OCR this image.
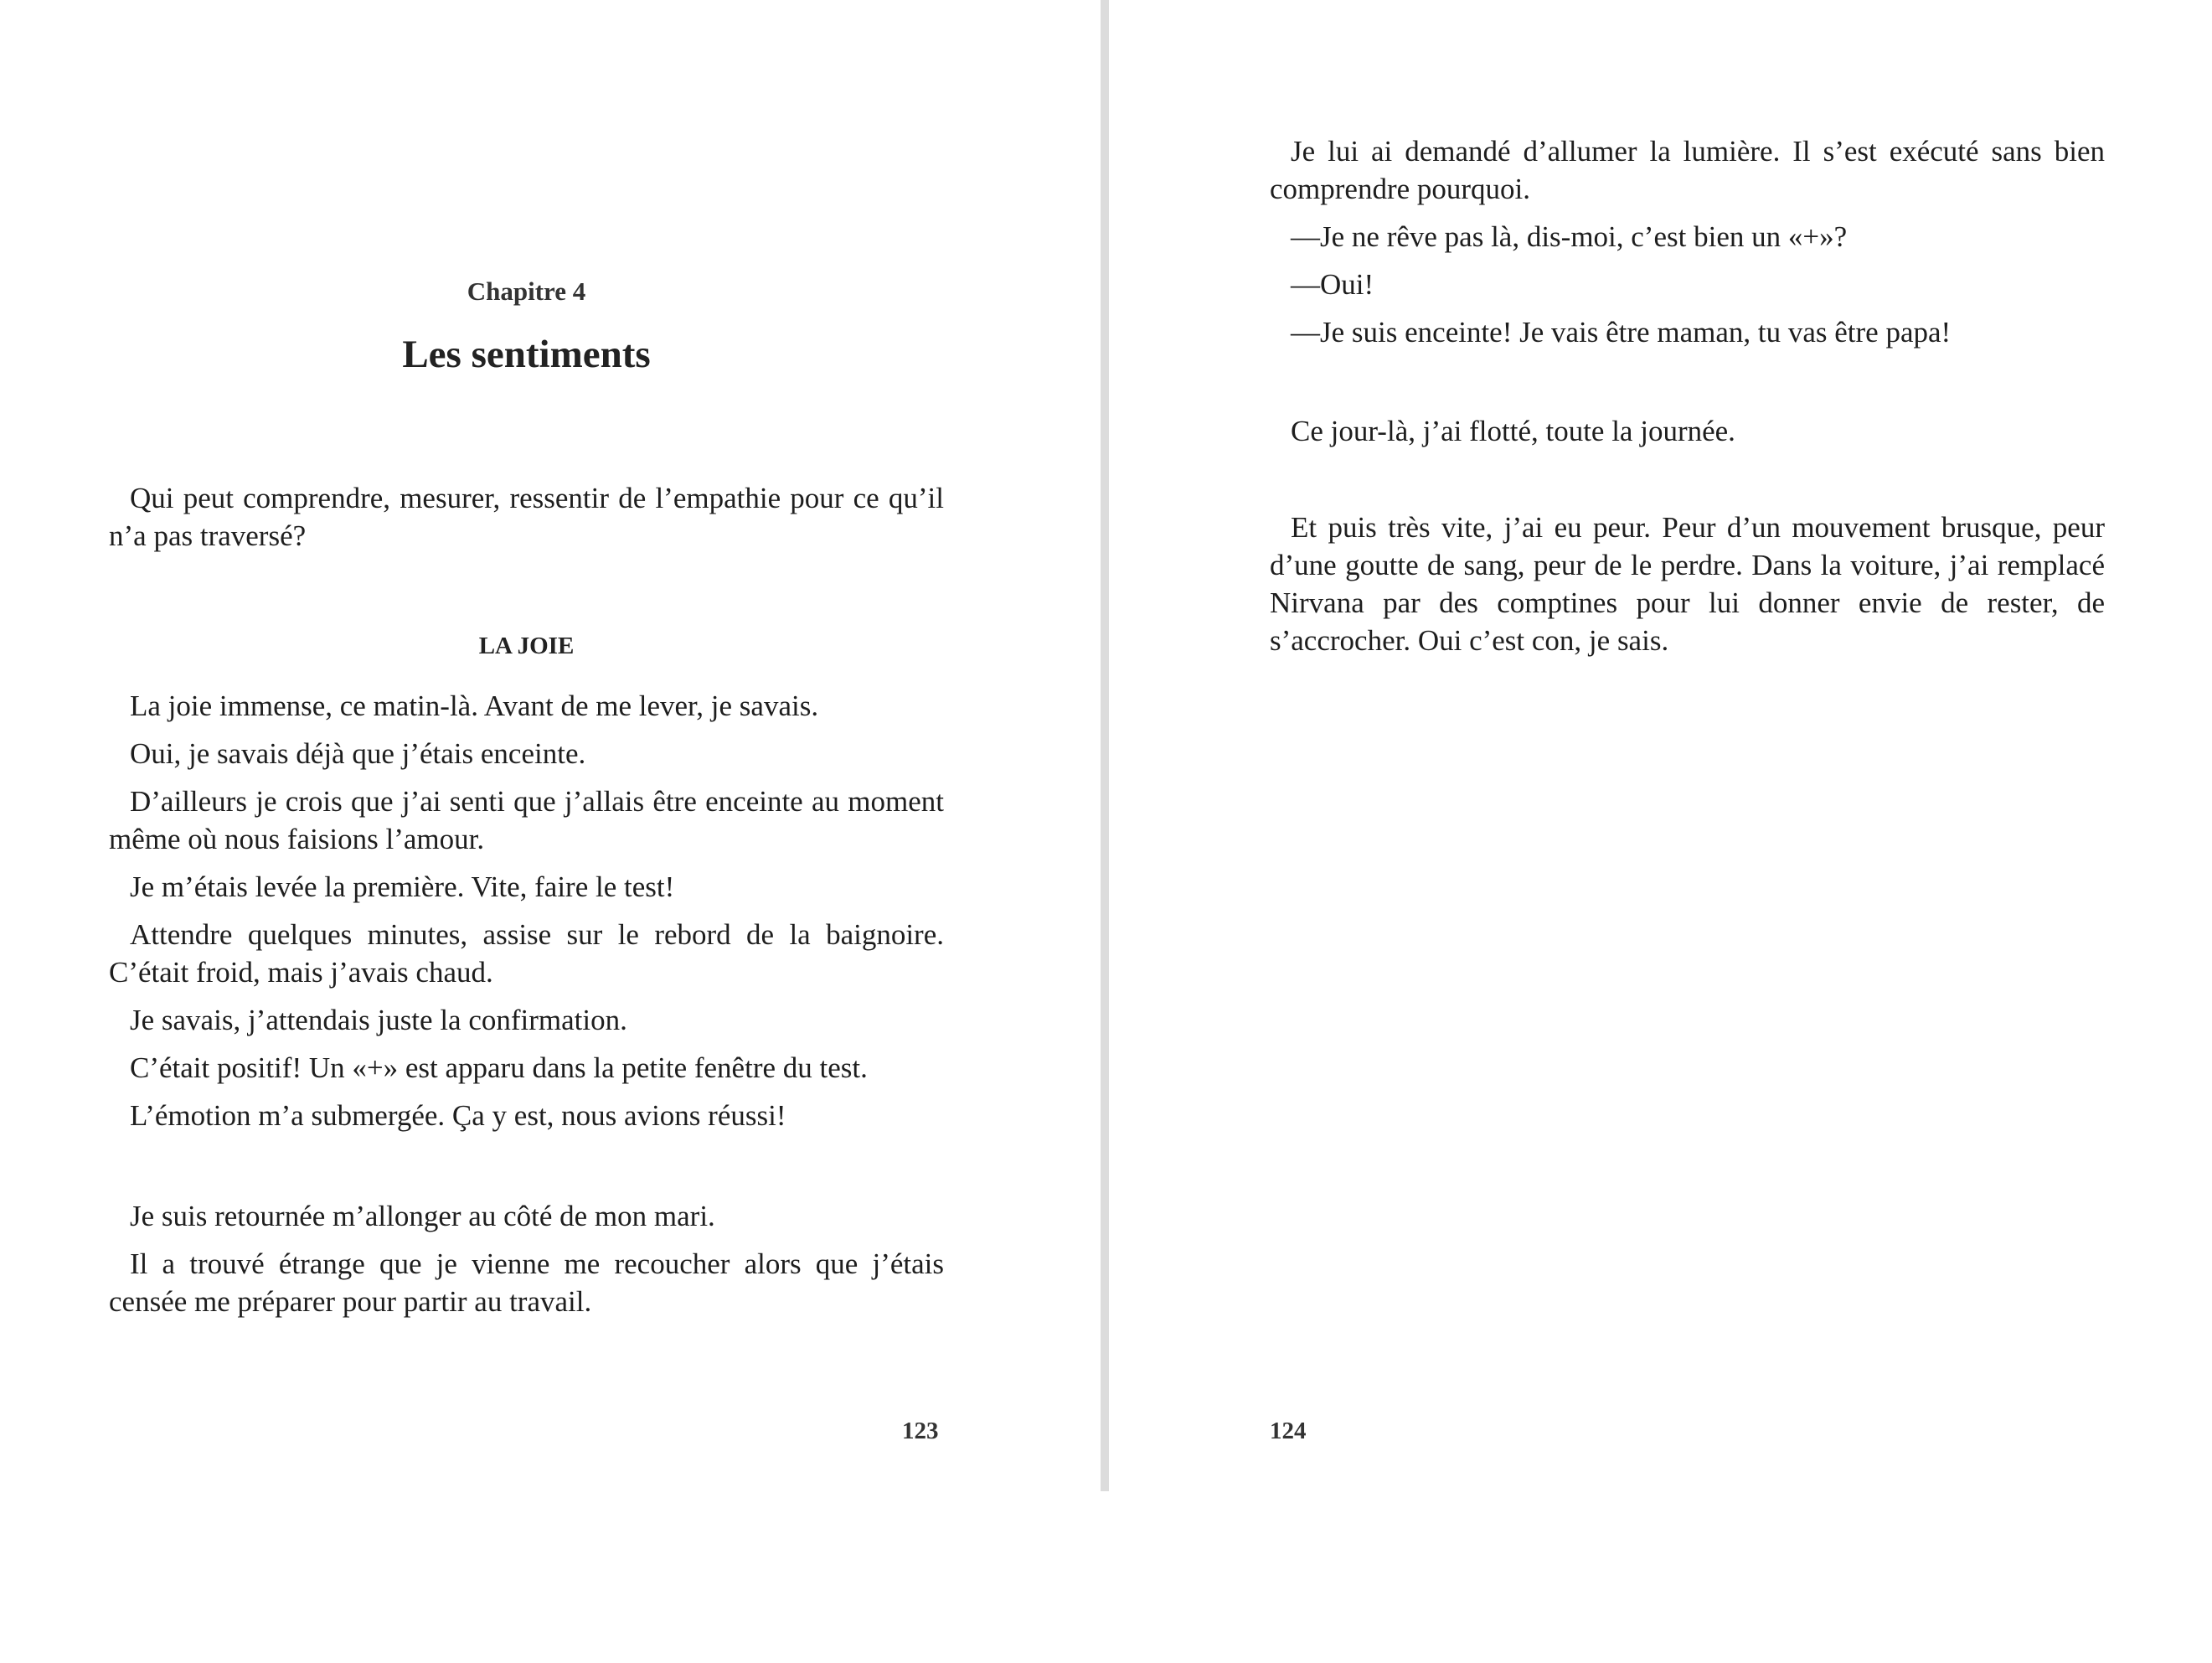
Chapitre 4
Les sentiments

Qui peut comprendre, mesurer, ressentir de l’empathie pour ce qu’il n’a pas traversé?

LA JOIE

La joie immense, ce matin-là. Avant de me lever, je savais.

Oui, je savais déjà que j’étais enceinte.

D’ailleurs je crois que j’ai senti que j’allais être enceinte au moment même où nous faisions l’amour.

Je m’étais levée la première. Vite, faire le test!

Attendre quelques minutes, assise sur le rebord de la baignoire. C’était froid, mais j’avais chaud.

Je savais, j’attendais juste la confirmation.

C’était positif! Un «+» est apparu dans la petite fenêtre du test.

L’émotion m’a submergée. Ça y est, nous avions réussi!

Je suis retournée m’allonger au côté de mon mari.

Il a trouvé étrange que je vienne me recoucher alors que j’étais censée me préparer pour partir au travail.

123

Je lui ai demandé d’allumer la lumière. Il s’est exécuté sans bien comprendre pourquoi.

—Je ne rêve pas là, dis-moi, c’est bien un «+»?

—Oui!

—Je suis enceinte! Je vais être maman, tu vas être papa!

Ce jour-là, j’ai flotté, toute la journée.

Et puis très vite, j’ai eu peur. Peur d’un mouvement brusque, peur d’une goutte de sang, peur de le perdre. Dans la voiture, j’ai remplacé Nirvana par des comptines pour lui donner envie de rester, de s’accrocher. Oui c’est con, je sais.

124
